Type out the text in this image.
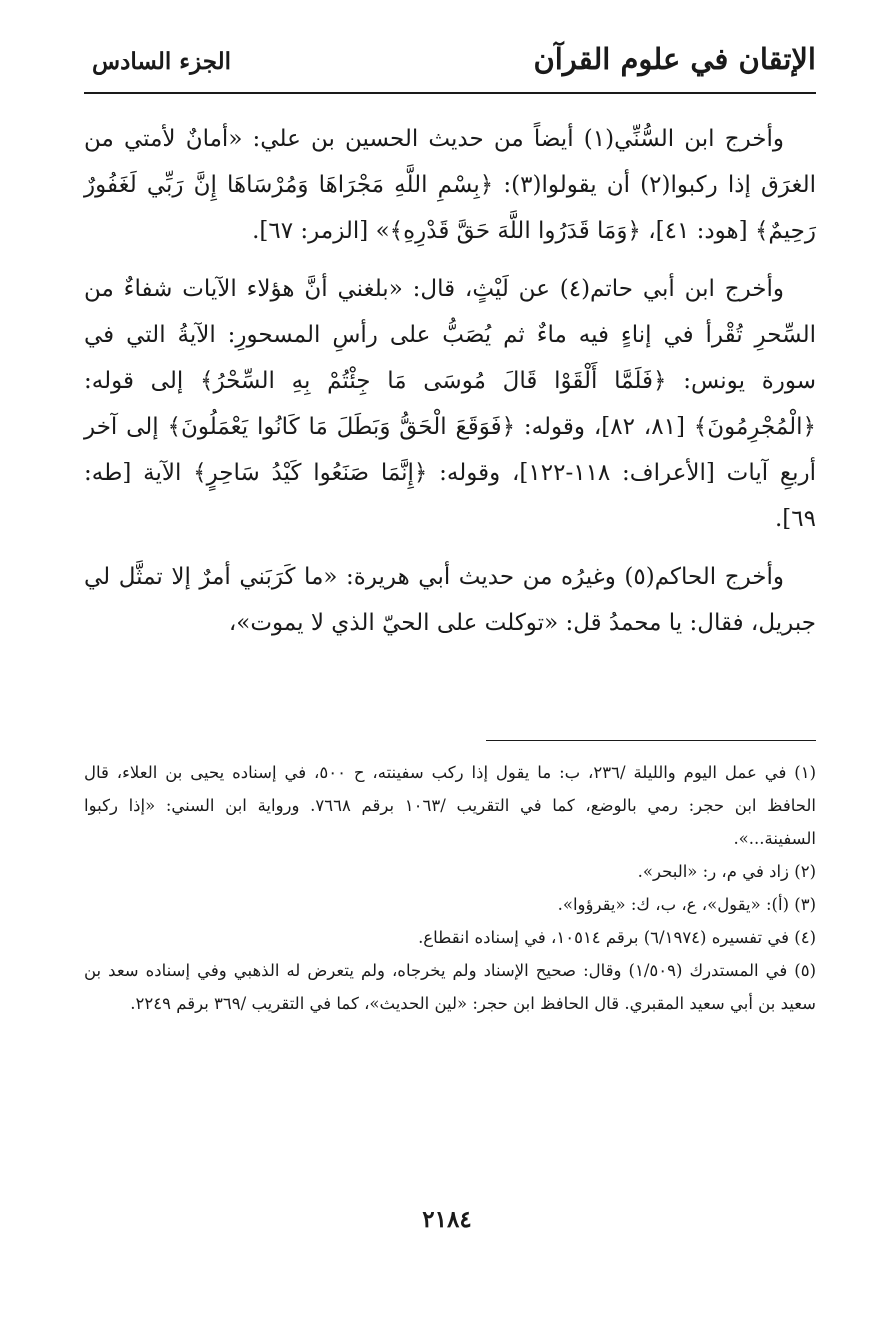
الإتقان في علوم القرآن
الجزء السادس

وأخرج ابن السُّنِّي(١) أيضاً من حديث الحسين بن علي: «أمانٌ لأمتي من الغرَق إذا ركبوا(٢) أن يقولوا(٣): ﴿بِسْمِ اللَّهِ مَجْرَاهَا وَمُرْسَاهَا إِنَّ رَبِّي لَغَفُورٌ رَحِيمٌ﴾ [هود: ٤١]، ﴿وَمَا قَدَرُوا اللَّهَ حَقَّ قَدْرِهِ﴾» [الزمر: ٦٧].

وأخرج ابن أبي حاتم(٤) عن لَيْثٍ، قال: «بلغني أنَّ هؤلاء الآيات شفاءٌ من السِّحرِ تُقْرأ في إناءٍ فيه ماءٌ ثم يُصَبُّ على رأسِ المسحورِ: الآيةُ التي في سورة يونس: ﴿فَلَمَّا أَلْقَوْا قَالَ مُوسَى مَا جِئْتُمْ بِهِ السِّحْرُ﴾ إلى قوله: ﴿الْمُجْرِمُونَ﴾ [٨١، ٨٢]، وقوله: ﴿فَوَقَعَ الْحَقُّ وَبَطَلَ مَا كَانُوا يَعْمَلُونَ﴾ إلى آخر أربعِ آيات [الأعراف: ١١٨-١٢٢]، وقوله: ﴿إِنَّمَا صَنَعُوا كَيْدُ سَاحِرٍ﴾ الآية [طه: ٦٩].

وأخرج الحاكم(٥) وغيرُه من حديث أبي هريرة: «ما كَرَبَني أمرٌ إلا تمثَّل لي جبريل، فقال: يا محمدُ قل: «توكلت على الحيّ الذي لا يموت»،

(١) في عمل اليوم والليلة /٢٣٦، ب: ما يقول إذا ركب سفينته، ح ٥٠٠، في إسناده يحيى بن العلاء، قال الحافظ ابن حجر: رمي بالوضع، كما في التقريب /١٠٦٣ برقم ٧٦٦٨. ورواية ابن السني: «إذا ركبوا السفينة...».

(٢) زاد في م، ر: «البحر».

(٣) (أ): «يقول»، ع، ب، ك: «يقرؤوا».

(٤) في تفسيره (٦/١٩٧٤) برقم ١٠٥١٤، في إسناده انقطاع.

(٥) في المستدرك (١/٥٠٩) وقال: صحيح الإسناد ولم يخرجاه، ولم يتعرض له الذهبي وفي إسناده سعد بن سعيد بن أبي سعيد المقبري. قال الحافظ ابن حجر: «لين الحديث»، كما في التقريب /٣٦٩ برقم ٢٢٤٩.

٢١٨٤
